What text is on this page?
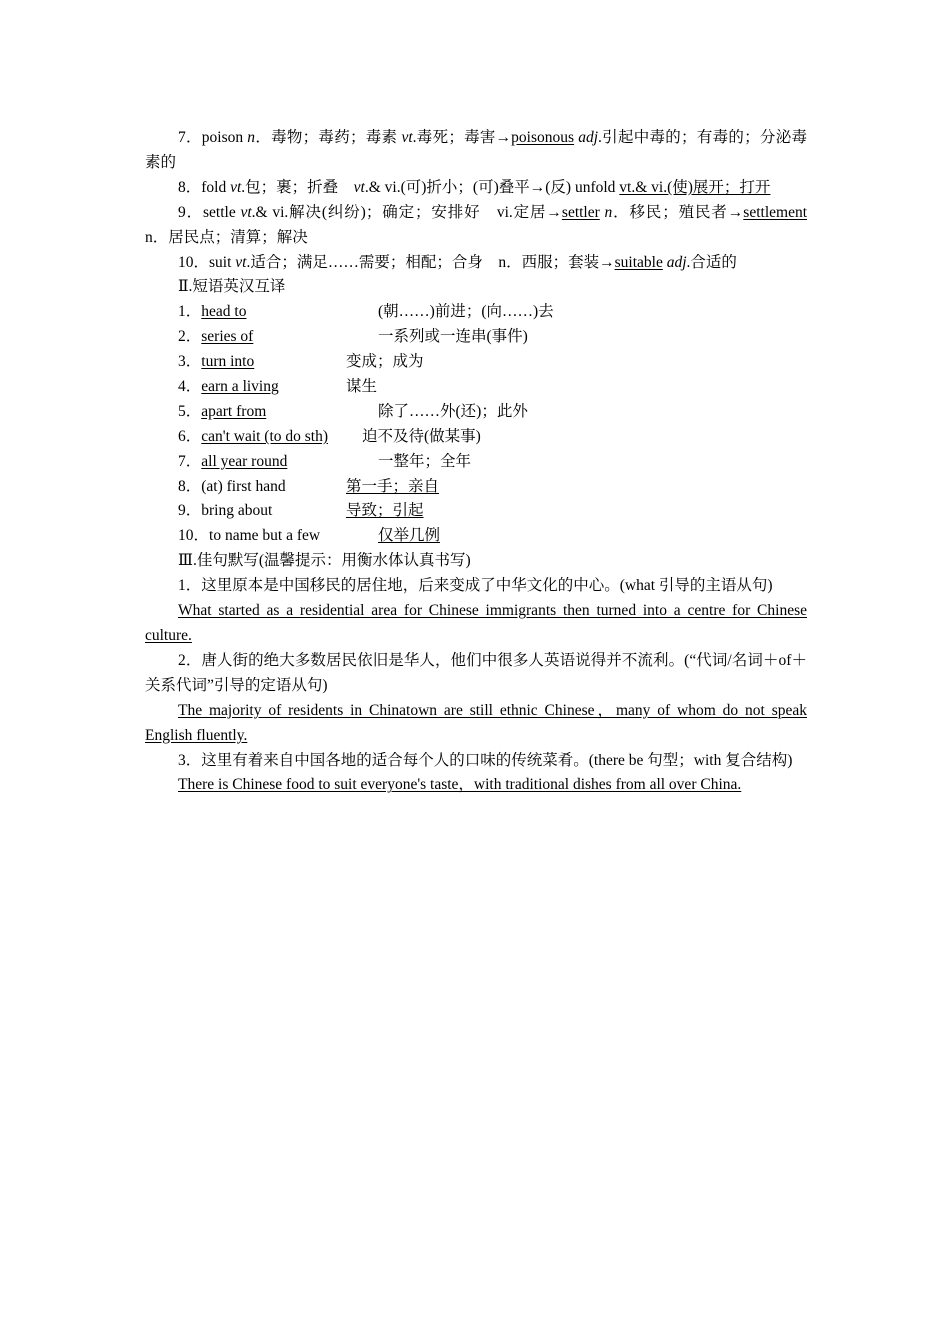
7．poison n．毒物；毒药；毒素 vt.毒死；毒害→poisonous adj.引起中毒的；有毒的；分泌毒素的

8．fold vt.包；裹；折叠　vt.& vi.(可)折小；(可)叠平→(反) unfold vt.& vi.(使)展开；打开

9．settle vt.& vi.解决(纠纷)；确定；安排好　vi.定居→settler n．移民；殖民者→settlement n．居民点；清算；解决

10．suit vt.适合；满足……需要；相配；合身　n．西服；套装→suitable adj.合适的

Ⅱ.短语英汉互译

1．head to	(朝……)前进；(向……)去
2．series of	一系列或一连串(事件)
3．turn into	变成；成为
4．earn a living	谋生
5．apart from	除了……外(还)；此外
6．can't wait (to do sth) 迫不及待(做某事)
7．all year round	一整年；全年
8．(at) first hand	第一手；亲自
9．bring about	导致；引起
10．to name but a few	仅举几例

Ⅲ.佳句默写(温馨提示：用衡水体认真书写)

1．这里原本是中国移民的居住地，后来变成了中华文化的中心。(what 引导的主语从句)

What started as a residential area for Chinese immigrants then turned into a centre for Chinese culture.

2．唐人街的绝大多数居民依旧是华人，他们中很多人英语说得并不流利。(“代词/名词＋of＋关系代词”引导的定语从句)

The majority of residents in Chinatown are still ethnic Chinese，many of whom do not speak English fluently.

3．这里有着来自中国各地的适合每个人的口味的传统菜肴。(there be 句型；with 复合结构)

There is Chinese food to suit everyone's taste，with traditional dishes from all over China.
